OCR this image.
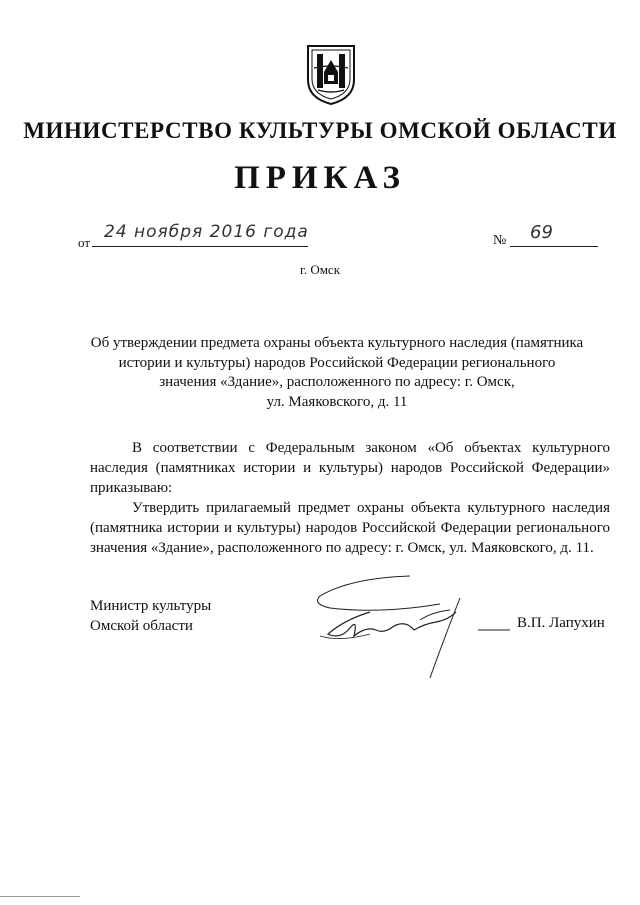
МИНИСТЕРСТВО КУЛЬТУРЫ ОМСКОЙ ОБЛАСТИ
ПРИКАЗ
от
24 ноября 2016 года	№ 69
г. Омск
Об утверждении предмета охраны объекта культурного наследия (памятника
истории и культуры) народов Российской Федерации регионального
значения «Здание», расположенного по адресу: г. Омск,
ул. Маяковского, д. 11

В соответствии с Федеральным законом «Об объектах культурного наследия (памятниках истории и культуры) народов Российской Федерации» приказываю:

Утвердить прилагаемый предмет охраны объекта культурного наследия (памятника истории и культуры) народов Российской Федерации регионального значения «Здание», расположенного по адресу: г. Омск, ул. Маяковского, д. 11.

Министр культуры
Омской области	В.П. Лапухин
